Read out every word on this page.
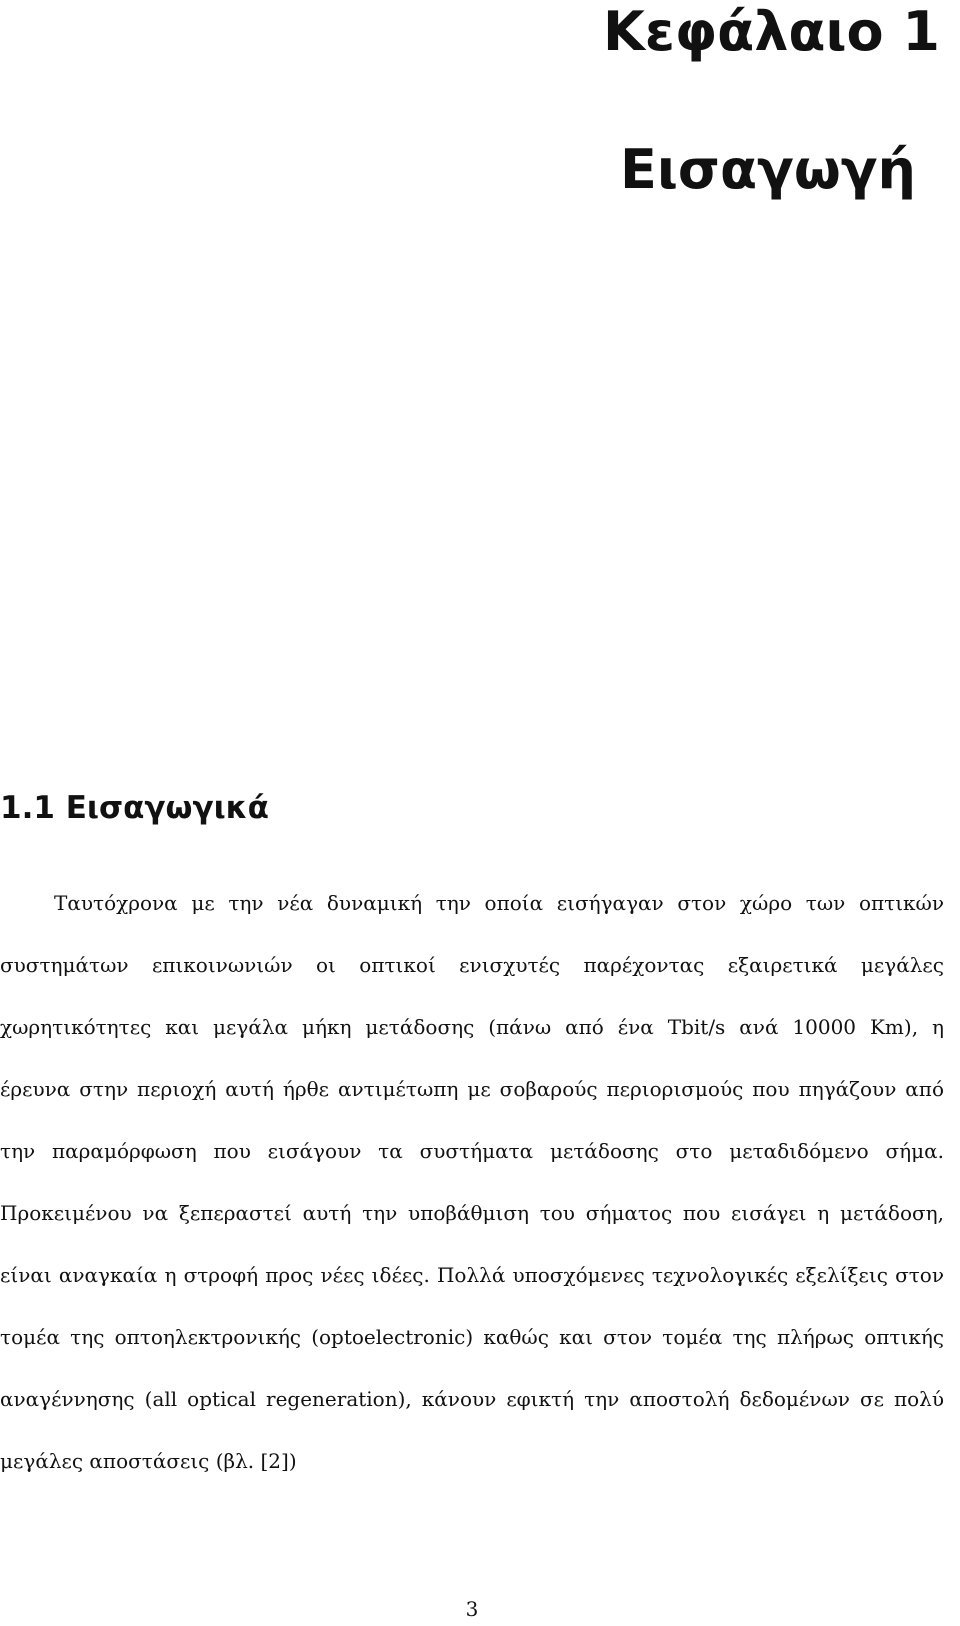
Κεφάλαιο 1
Εισαγωγή
1.1 Εισαγωγικά
Ταυτόχρονα με την νέα δυναμική την οποία εισήγαγαν στον χώρο των οπτικών
συστημάτων επικοινωνιών οι οπτικοί ενισχυτές παρέχοντας εξαιρετικά μεγάλες
χωρητικότητες και μεγάλα μήκη μετάδοσης (πάνω από ένα Tbit/s ανά 10000 Km), η
έρευνα στην περιοχή αυτή ήρθε αντιμέτωπη με σοβαρούς περιορισμούς που πηγάζουν από
την παραμόρφωση που εισάγουν τα συστήματα μετάδοσης στο μεταδιδόμενο σήμα.
Προκειμένου να ξεπεραστεί αυτή την υποβάθμιση του σήματος που εισάγει η μετάδοση,
είναι αναγκαία η στροφή προς νέες ιδέες. Πολλά υποσχόμενες τεχνολογικές εξελίξεις στον
τομέα της οπτοηλεκτρονικής (optoelectronic) καθώς και στον τομέα της πλήρως οπτικής
αναγέννησης (all optical regeneration), κάνουν εφικτή την αποστολή δεδομένων σε πολύ
μεγάλες αποστάσεις (βλ. [2])
3
